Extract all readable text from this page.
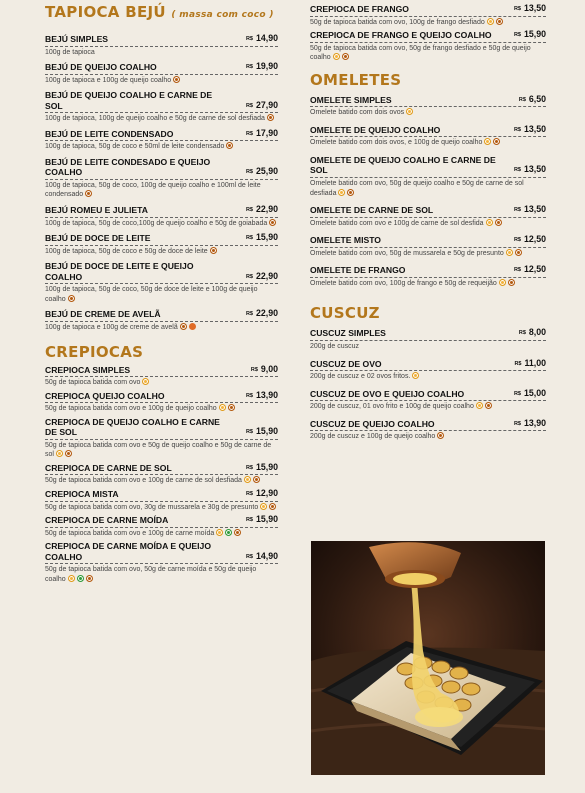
TAPIOCA BEJÚ ( massa com coco )
BEJÚ SIMPLES	R$ 14,90
100g de tapioca
BEJÚ DE QUEIJO COALHO	R$ 19,90
100g de tapioca e 100g de queijo coalho
BEJÚ DE QUEIJO COALHO E CARNE DE SOL	R$ 27,90
100g de tapioca, 100g de queijo coalho e 50g de carne de sol desfiada
BEJÚ DE LEITE CONDENSADO	R$ 17,90
100g de tapioca, 50g de coco e 50ml de leite condensado
BEJÚ DE LEITE CONDESADO E QUEIJO COALHO	R$ 25,90
100g de tapioca, 50g de coco, 100g de queijo coalho e 100ml de leite condensado
BEJÚ ROMEU E JULIETA	R$ 22,90
100g de tapioca, 50g de coco,100g de queijo coalho e 50g de goiabada
BEJÚ DE DOCE DE LEITE	R$ 15,90
100g de tapioca, 50g de coco e 50g de doce de leite
BEJÚ DE DOCE DE LEITE E QUEIJO COALHO	R$ 22,90
100g de tapioca, 50g de coco, 50g de doce de leite e 100g de queijo coalho
BEJÚ DE CREME DE AVELÃ	R$ 22,90
100g de tapioca e 100g de creme de avelã
CREPIOCAS
CREPIOCA SIMPLES	R$ 9,00
50g de tapioca batida com ovo
CREPIOCA QUEIJO COALHO	R$ 13,90
50g de tapioca batida com ovo e 100g de queijo coalho
CREPIOCA DE QUEIJO COALHO E CARNE DE SOL	R$ 15,90
50g de tapioca batida com ovo e 50g de queijo coalho e 50g de carne de sol
CREPIOCA DE CARNE DE SOL	R$ 15,90
50g de tapioca batida com ovo e 100g de carne de sol desfiada
CREPIOCA MISTA	R$ 12,90
50g de tapioca batida com ovo, 30g de mussarela e 30g de presunto
CREPIOCA DE CARNE MOÍDA	R$ 15,90
50g de tapioca batida com ovo e 100g de carne moída
CREPIOCA DE CARNE MOÍDA E QUEIJO COALHO	R$ 14,90
50g de tapioca batida com ovo, 50g de carne moída e 50g de queijo coalho
CREPIOCA DE FRANGO	R$ 13,50
50g de tapioca batida com ovo, 100g de frango desfiado
CREPIOCA DE FRANGO E QUEIJO COALHO	R$ 15,90
50g de tapioca batida com ovo, 50g de frango desfiado e 50g de queijo coalho
OMELETES
OMELETE SIMPLES	R$ 6,50
Omelete batido com dois ovos
OMELETE DE QUEIJO COALHO	R$ 13,50
Omelete batido com dois ovos, e 100g de queijo coalho
OMELETE DE QUEIJO COALHO E CARNE DE SOL	R$ 13,50
Omelete batido com ovo, 50g de queijo coalho e 50g de carne de sol desfiada
OMELETE DE CARNE DE SOL	R$ 13,50
Omelete batido com ovo e 100g de carne de sol desfida
OMELETE MISTO	R$ 12,50
Omelete batido com ovo, 50g de mussarela e 50g de presunto
OMELETE DE FRANGO	R$ 12,50
Omelete batido com ovo, 100g de frango e 50g de requeijão
CUSCUZ
CUSCUZ SIMPLES	R$ 8,00
200g de cuscuz
CUSCUZ DE OVO	R$ 11,00
200g de cuscuz e 02 ovos fritos.
CUSCUZ DE OVO E QUEIJO COALHO	R$ 15,00
200g de cuscuz, 01 ovo frito e 100g de queijo coalho
CUSCUZ DE QUEIJO COALHO	R$ 13,90
200g de cuscuz e 100g de queijo coalho
